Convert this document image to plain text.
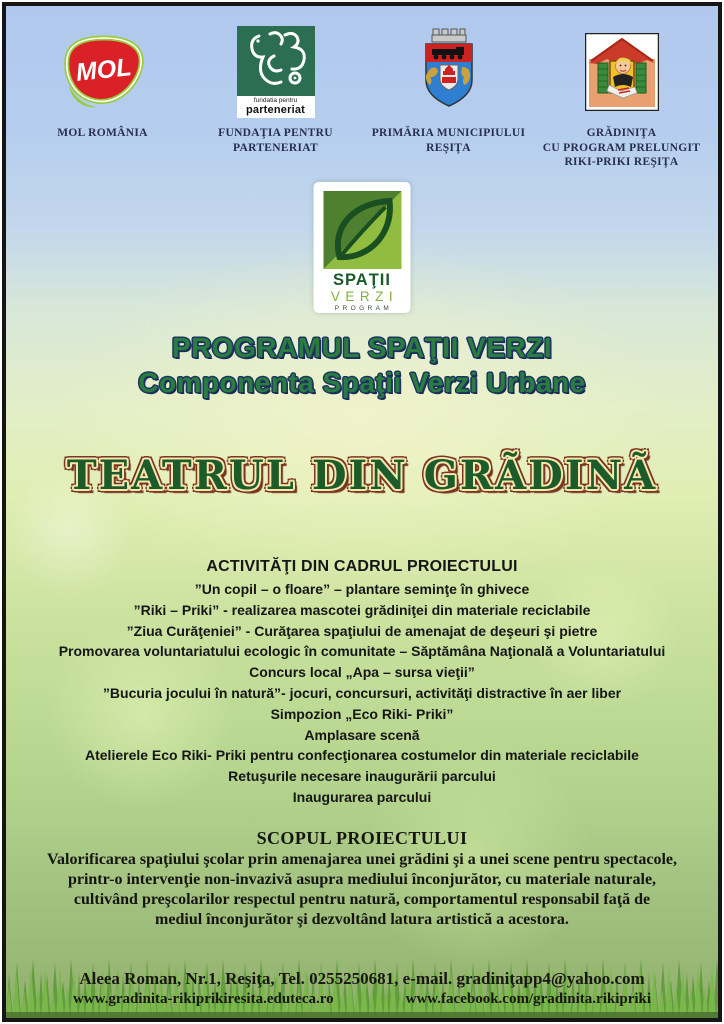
MOL
MOL ROMÂNIA
fundatia pentru
parteneriat
FUNDAŢIA PENTRU
PARTENERIAT
PRIMĂRIA MUNICIPIULUI
REŞIŢA
GRĂDINIŢA
CU PROGRAM PRELUNGIT
RIKI-PRIKI REŞIŢA
SPAŢII
VERZI
PROGRAM
PROGRAMUL SPAŢII VERZI
Componenta Spaţii Verzi Urbane
TEATRUL DIN GRÃDINÃ
ACTIVITĂŢI DIN CADRUL PROIECTULUI
”Un copil – o floare” – plantare seminţe în ghivece
”Riki – Priki” - realizarea mascotei grădiniţei din materiale reciclabile
”Ziua Curăţeniei” - Curăţarea spaţiului de amenajat de deşeuri şi pietre
Promovarea voluntariatului ecologic în comunitate – Săptămâna Naţională a Voluntariatului
Concurs local „Apa – sursa vieţii”
”Bucuria jocului în natură”- jocuri, concursuri, activităţi distractive în aer liber
Simpozion „Eco Riki- Priki”
Amplasare scenă
Atelierele Eco Riki- Priki pentru confecţionarea costumelor din materiale reciclabile
Retuşurile necesare inaugurării parcului
Inaugurarea parcului
SCOPUL PROIECTULUI
Valorificarea spaţiului şcolar prin amenajarea unei grădini şi a unei scene pentru spectacole,
printr-o intervenţie non-invazivă asupra mediului înconjurător, cu materiale naturale,
cultivând preşcolarilor respectul pentru natură, comportamentul responsabil faţă de
mediul înconjurător şi dezvoltând latura artistică a acestora.
Aleea Roman, Nr.1, Reşiţa, Tel. 0255250681, e-mail. gradiniţapp4@yahoo.com
www.gradinita-rikiprikiresita.eduteca.ro	www.facebook.com/gradinita.rikipriki
